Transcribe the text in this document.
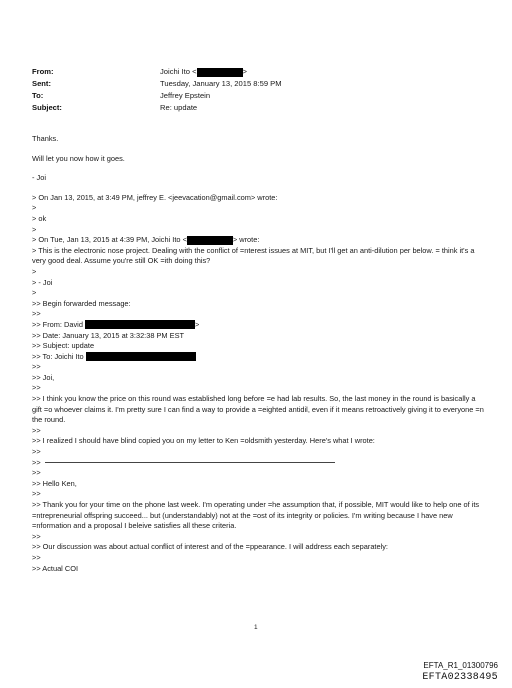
From:	Joichi Ito <	>
Sent:	Tuesday, January 13, 2015 8:59 PM
To:	Jeffrey Epstein
Subject:	Re: update
Thanks.
Will let you now how it goes.
- Joi
> On Jan 13, 2015, at 3:49 PM, jeffrey E. <jeevacation@gmail.com> wrote:
>
> ok
>
> On Tue, Jan 13, 2015 at 4:39 PM, Joichi Ito <	> wrote:
> This is the electronic nose project. Dealing with the conflict of =nterest issues at MIT, but I'll get an anti-dilution per below. = think it's a very good deal. Assume you're still OK =ith doing this?
>
> - Joi
>
>> Begin forwarded message:
>>
>> From: David	>
>> Date: January 13, 2015 at 3:32:38 PM EST
>> Subject: update
>> To: Joichi Ito
>>
>> Joi,
>>
>> I think you know the price on this round was established long before =e had lab results. So, the last money in the round is basically a gift =o whoever claims it. I'm pretty sure I can find a way to provide a =eighted antidil, even if it means retroactively giving it to everyone =n the round.
>>
>> I realized I should have blind copied you on my letter to Ken =oldsmith yesterday. Here's what I wrote:
>>
>>
>>
>> Hello Ken,
>>
>> Thank you for your time on the phone last week. I'm operating under =he assumption that, if possible, MIT would like to help one of its =ntrepreneurial offspring succeed... but (understandably) not at the =ost of its integrity or policies. I'm writing because I have new =nformation and a proposal I beleive satisfies all these criteria.
>>
>> Our discussion was about actual conflict of interest and of the =ppearance. I will address each separately:
>>
>> Actual COI
1
EFTA_R1_01300796
EFTA02338495
